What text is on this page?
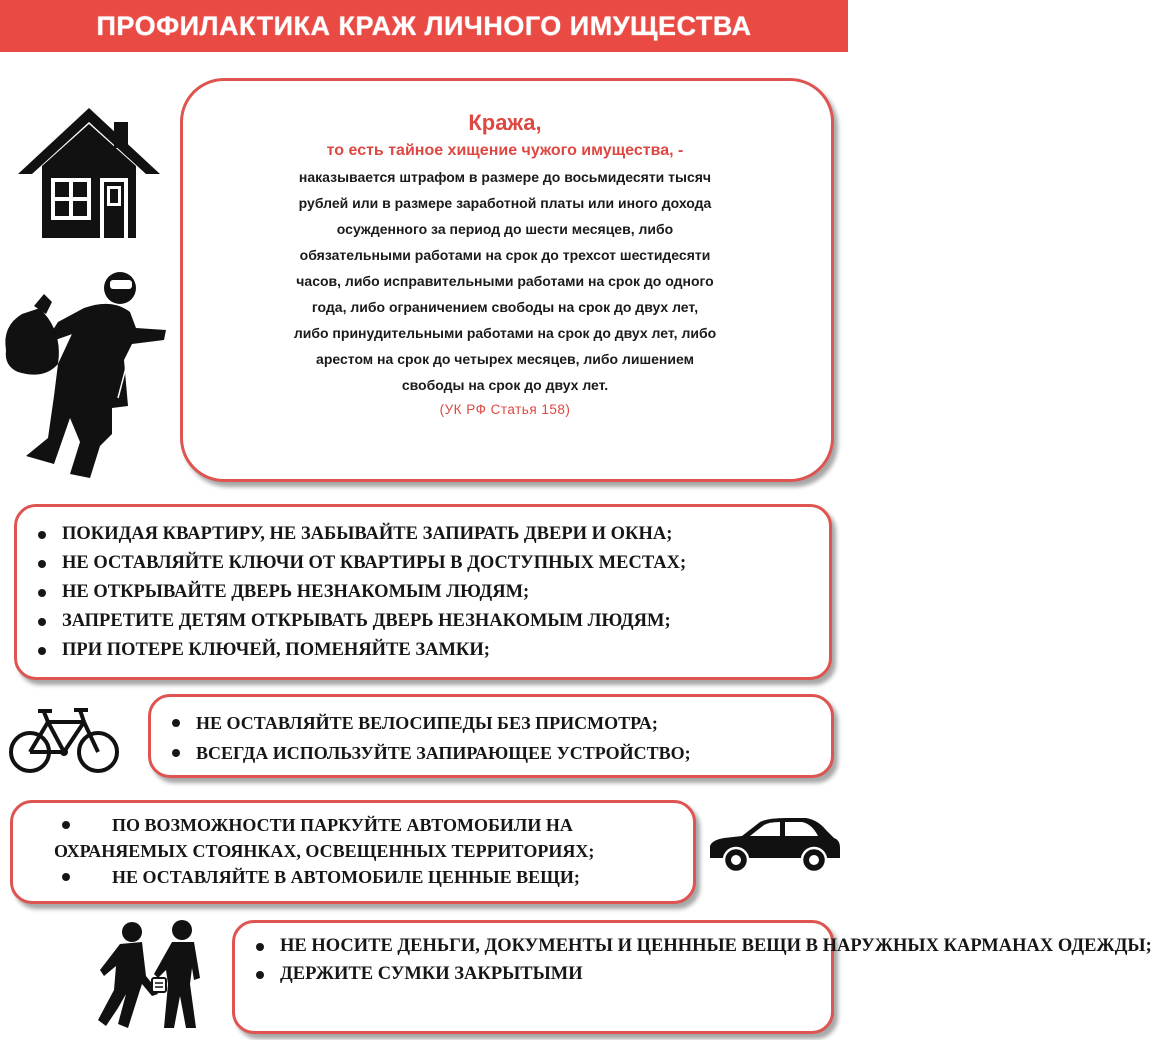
ПРОФИЛАКТИКА КРАЖ ЛИЧНОГО ИМУЩЕСТВА
Кража,
то есть тайное хищение чужого имущества, -
наказывается штрафом в размере до восьмидесяти тысяч
рублей или в размере заработной платы или иного дохода
осужденного за период до шести месяцев, либо
обязательными работами на срок до трехсот шестидесяти
часов, либо исправительными работами на срок до одного
года, либо ограничением свободы на срок до двух лет,
либо принудительными работами на срок до двух лет, либо
арестом на срок до четырех месяцев, либо лишением
свободы на срок до двух лет.
(УК РФ Статья 158)
ПОКИДАЯ КВАРТИРУ, НЕ ЗАБЫВАЙТЕ ЗАПИРАТЬ ДВЕРИ И ОКНА;
НЕ ОСТАВЛЯЙТЕ КЛЮЧИ ОТ КВАРТИРЫ В ДОСТУПНЫХ МЕСТАХ;
НЕ ОТКРЫВАЙТЕ ДВЕРЬ НЕЗНАКОМЫМ ЛЮДЯМ;
ЗАПРЕТИТЕ ДЕТЯМ ОТКРЫВАТЬ ДВЕРЬ НЕЗНАКОМЫМ ЛЮДЯМ;
ПРИ ПОТЕРЕ КЛЮЧЕЙ, ПОМЕНЯЙТЕ ЗАМКИ;
НЕ ОСТАВЛЯЙТЕ ВЕЛОСИПЕДЫ БЕЗ ПРИСМОТРА;
ВСЕГДА ИСПОЛЬЗУЙТЕ ЗАПИРАЮЩЕЕ УСТРОЙСТВО;
ПО ВОЗМОЖНОСТИ ПАРКУЙТЕ АВТОМОБИЛИ НА
ОХРАНЯЕМЫХ СТОЯНКАХ, ОСВЕЩЕННЫХ ТЕРРИТОРИЯХ;
НЕ ОСТАВЛЯЙТЕ В АВТОМОБИЛЕ ЦЕННЫЕ ВЕЩИ;
НЕ НОСИТЕ ДЕНЬГИ, ДОКУМЕНТЫ И ЦЕНННЫЕ ВЕЩИ В НАРУЖНЫХ КАРМАНАХ ОДЕЖДЫ;
ДЕРЖИТЕ СУМКИ ЗАКРЫТЫМИ
